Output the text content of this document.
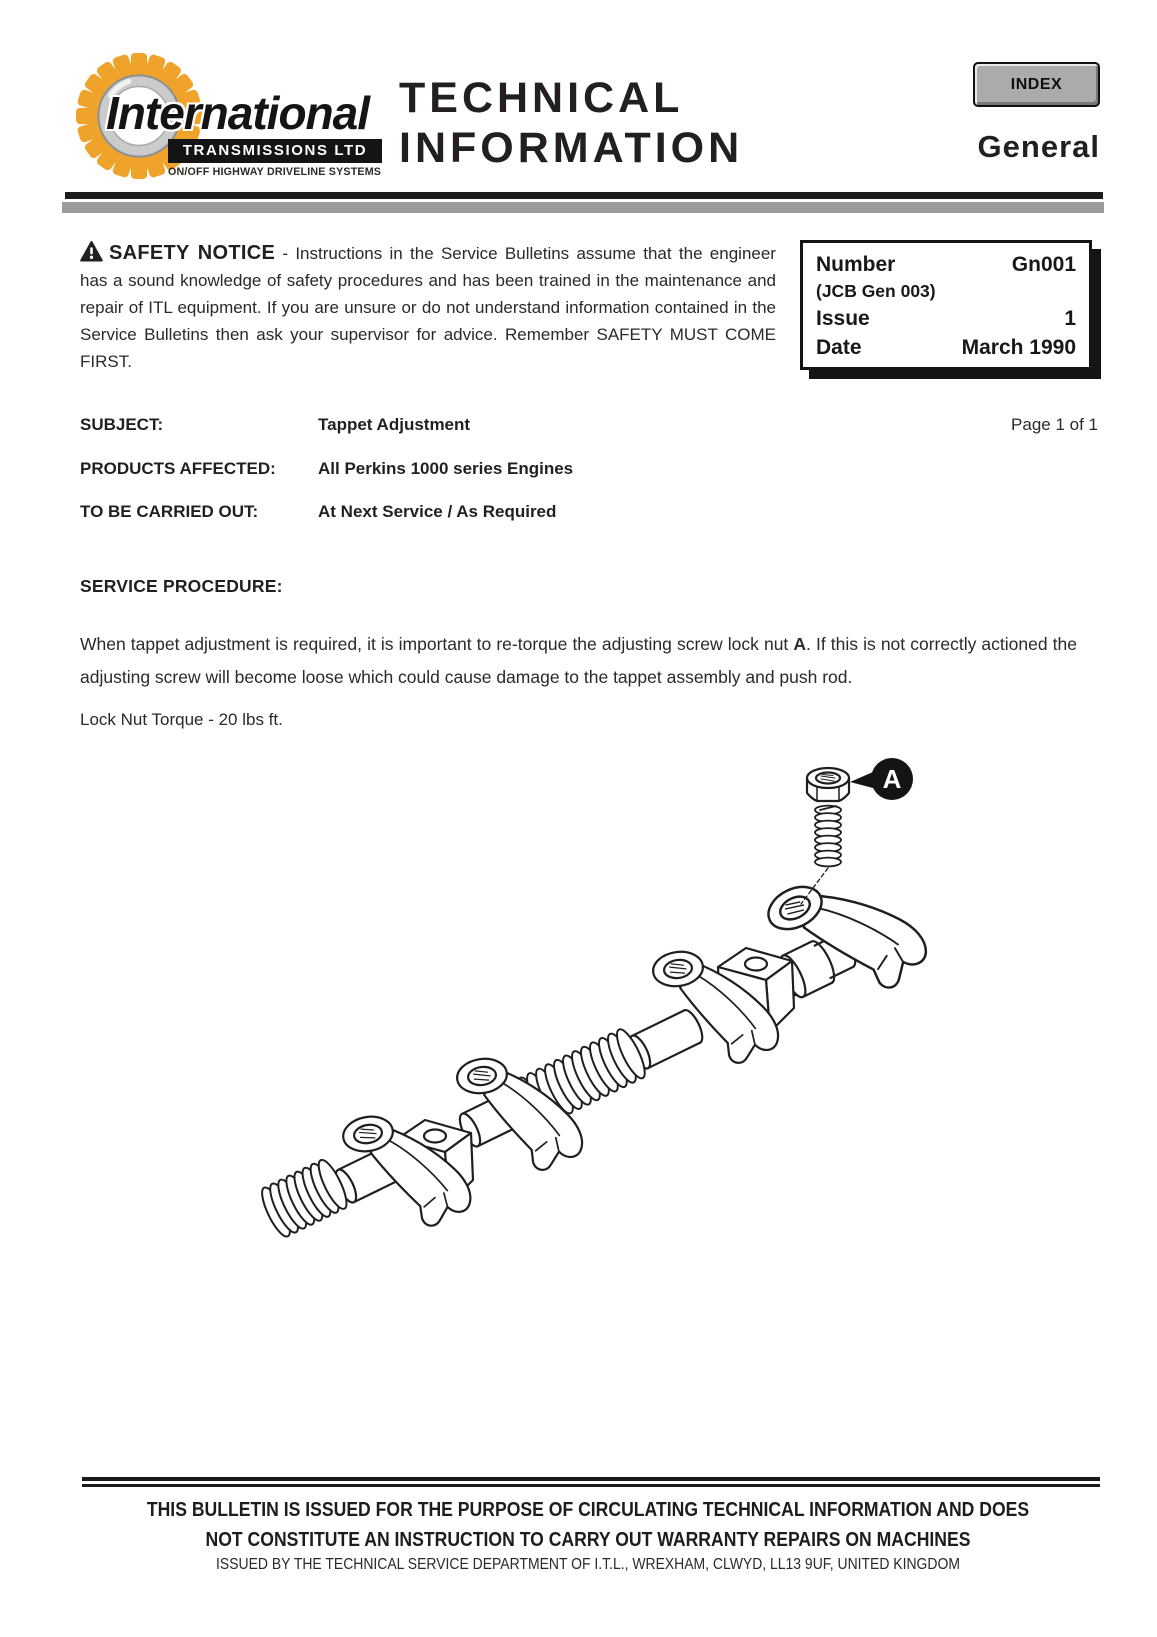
International
TRANSMISSIONS LTD
ON/OFF HIGHWAY DRIVELINE SYSTEMS
TECHNICAL
INFORMATION
INDEX
General

SAFETY NOTICE - Instructions in the Service Bulletins assume that the engineer has a sound knowledge of safety procedures and has been trained in the maintenance and repair of ITL equipment. If you are unsure or do not understand information contained in the Service Bulletins then ask your supervisor for advice. Remember SAFETY MUST COME FIRST.

Number	Gn001
(JCB Gen 003)
Issue	1
Date	March 1990
SUBJECT:	Tappet Adjustment	Page 1 of 1
PRODUCTS AFFECTED: All Perkins 1000 series Engines
TO BE CARRIED OUT:	At Next Service / As Required
SERVICE PROCEDURE:

When tappet adjustment is required, it is important to re-torque the adjusting screw lock nut A. If this is not correctly actioned the adjusting screw will become loose which could cause damage to the tappet assembly and push rod.

Lock Nut Torque - 20 lbs ft.
A
THIS BULLETIN IS ISSUED FOR THE PURPOSE OF CIRCULATING TECHNICAL INFORMATION AND DOES
NOT CONSTITUTE AN INSTRUCTION TO CARRY OUT WARRANTY REPAIRS ON MACHINES
ISSUED BY THE TECHNICAL SERVICE DEPARTMENT OF I.T.L., WREXHAM, CLWYD, LL13 9UF, UNITED KINGDOM
